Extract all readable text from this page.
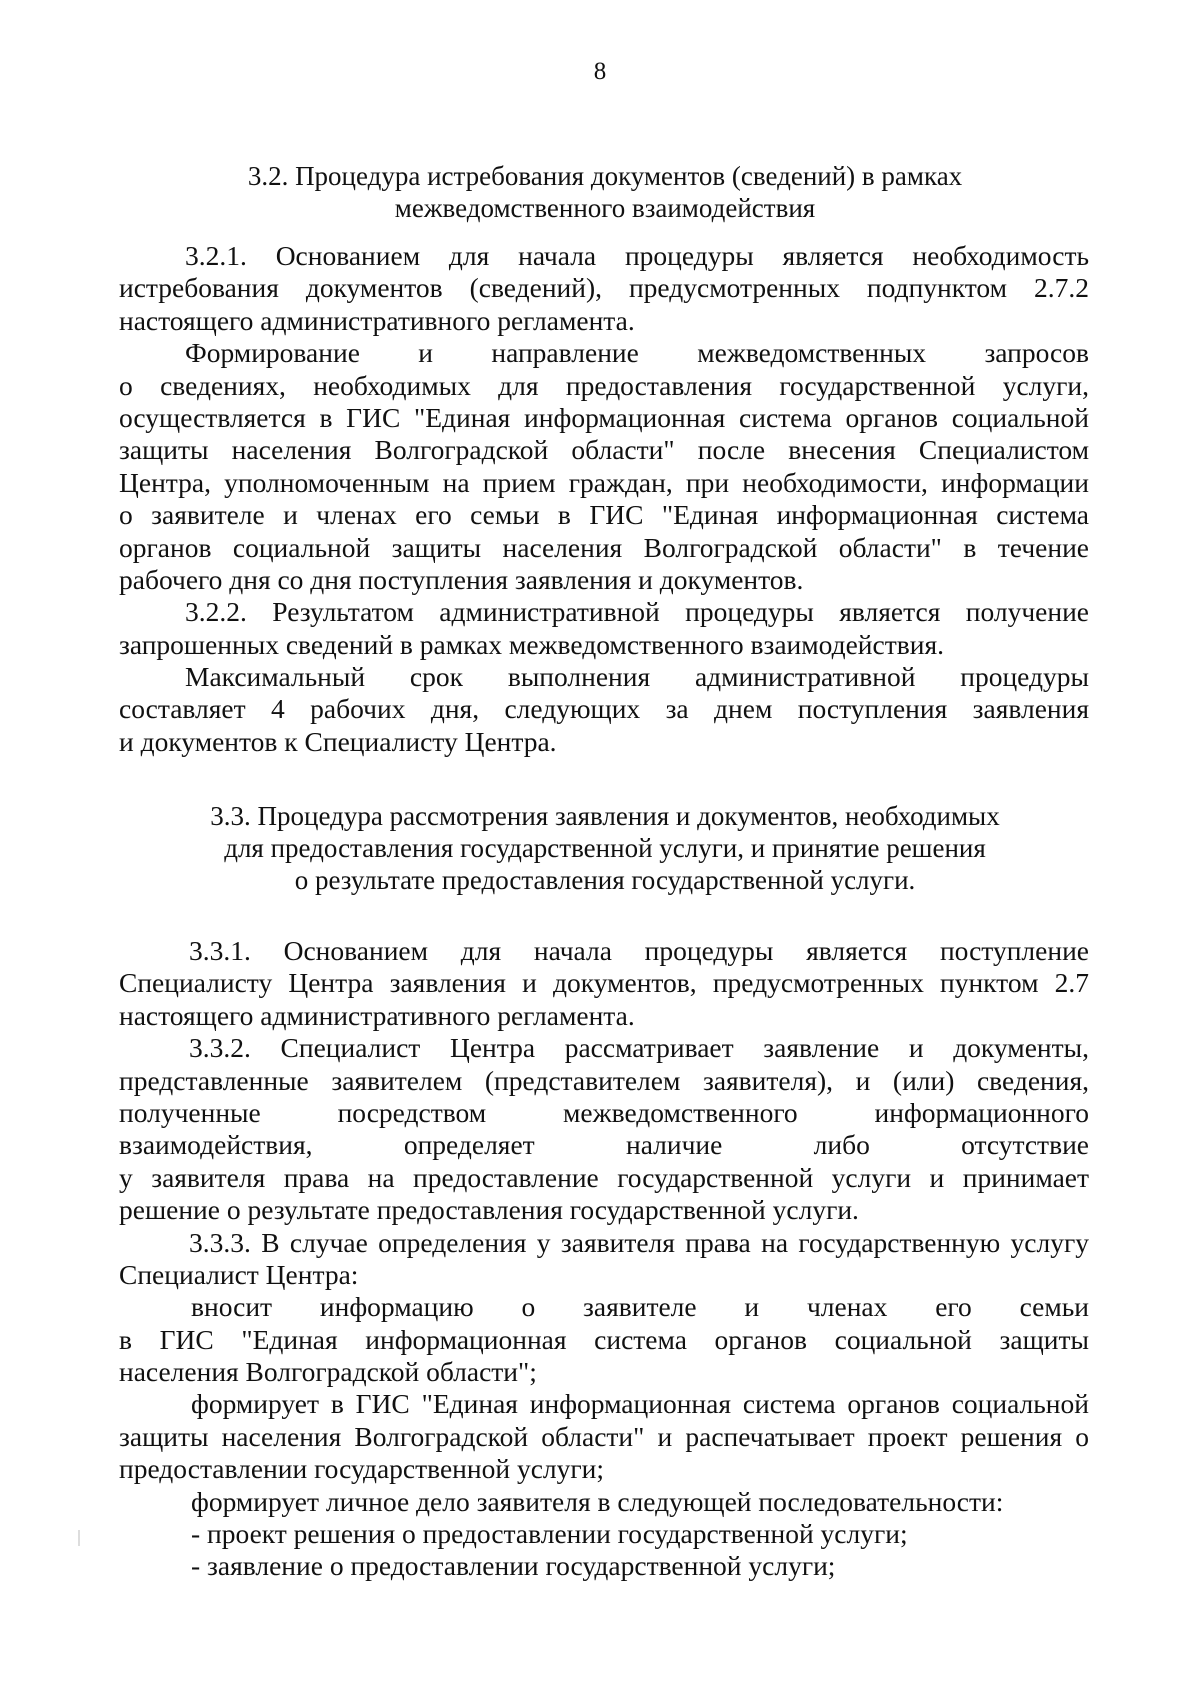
8
3.2. Процедура истребования документов (сведений) в рамках
межведомственного взаимодействия
3.2.1. Основанием для начала процедуры является необходимость
истребования документов (сведений), предусмотренных подпунктом 2.7.2
настоящего административного регламента.
Формирование и направление межведомственных запросов
о сведениях, необходимых для предоставления государственной услуги,
осуществляется в ГИС "Единая информационная система органов социальной
защиты населения Волгоградской области" после внесения Специалистом
Центра, уполномоченным на прием граждан, при необходимости, информации
о заявителе и членах его семьи в ГИС "Единая информационная система
органов социальной защиты населения Волгоградской области" в течение
рабочего дня со дня поступления заявления и документов.
3.2.2. Результатом административной процедуры является получение
запрошенных сведений в рамках межведомственного взаимодействия.
Максимальный срок выполнения административной процедуры
составляет 4 рабочих дня, следующих за днем поступления заявления
и документов к Специалисту Центра.
3.3. Процедура рассмотрения заявления и документов, необходимых
для предоставления государственной услуги, и принятие решения
о результате предоставления государственной услуги.
3.3.1. Основанием для начала процедуры является поступление
Специалисту Центра заявления и документов, предусмотренных пунктом 2.7
настоящего административного регламента.
3.3.2. Специалист Центра рассматривает заявление и документы,
представленные заявителем (представителем заявителя), и (или) сведения,
полученные посредством межведомственного информационного
взаимодействия, определяет наличие либо отсутствие
у заявителя права на предоставление государственной услуги и принимает
решение о результате предоставления государственной услуги.
3.3.3. В случае определения у заявителя права на государственную услугу
Специалист Центра:
вносит информацию о заявителе и членах его семьи
в ГИС "Единая информационная система органов социальной защиты
населения Волгоградской области";
формирует в ГИС "Единая информационная система органов социальной
защиты населения Волгоградской области" и распечатывает проект решения о
предоставлении государственной услуги;
формирует личное дело заявителя в следующей последовательности:
- проект решения о предоставлении государственной услуги;
- заявление о предоставлении государственной услуги;
